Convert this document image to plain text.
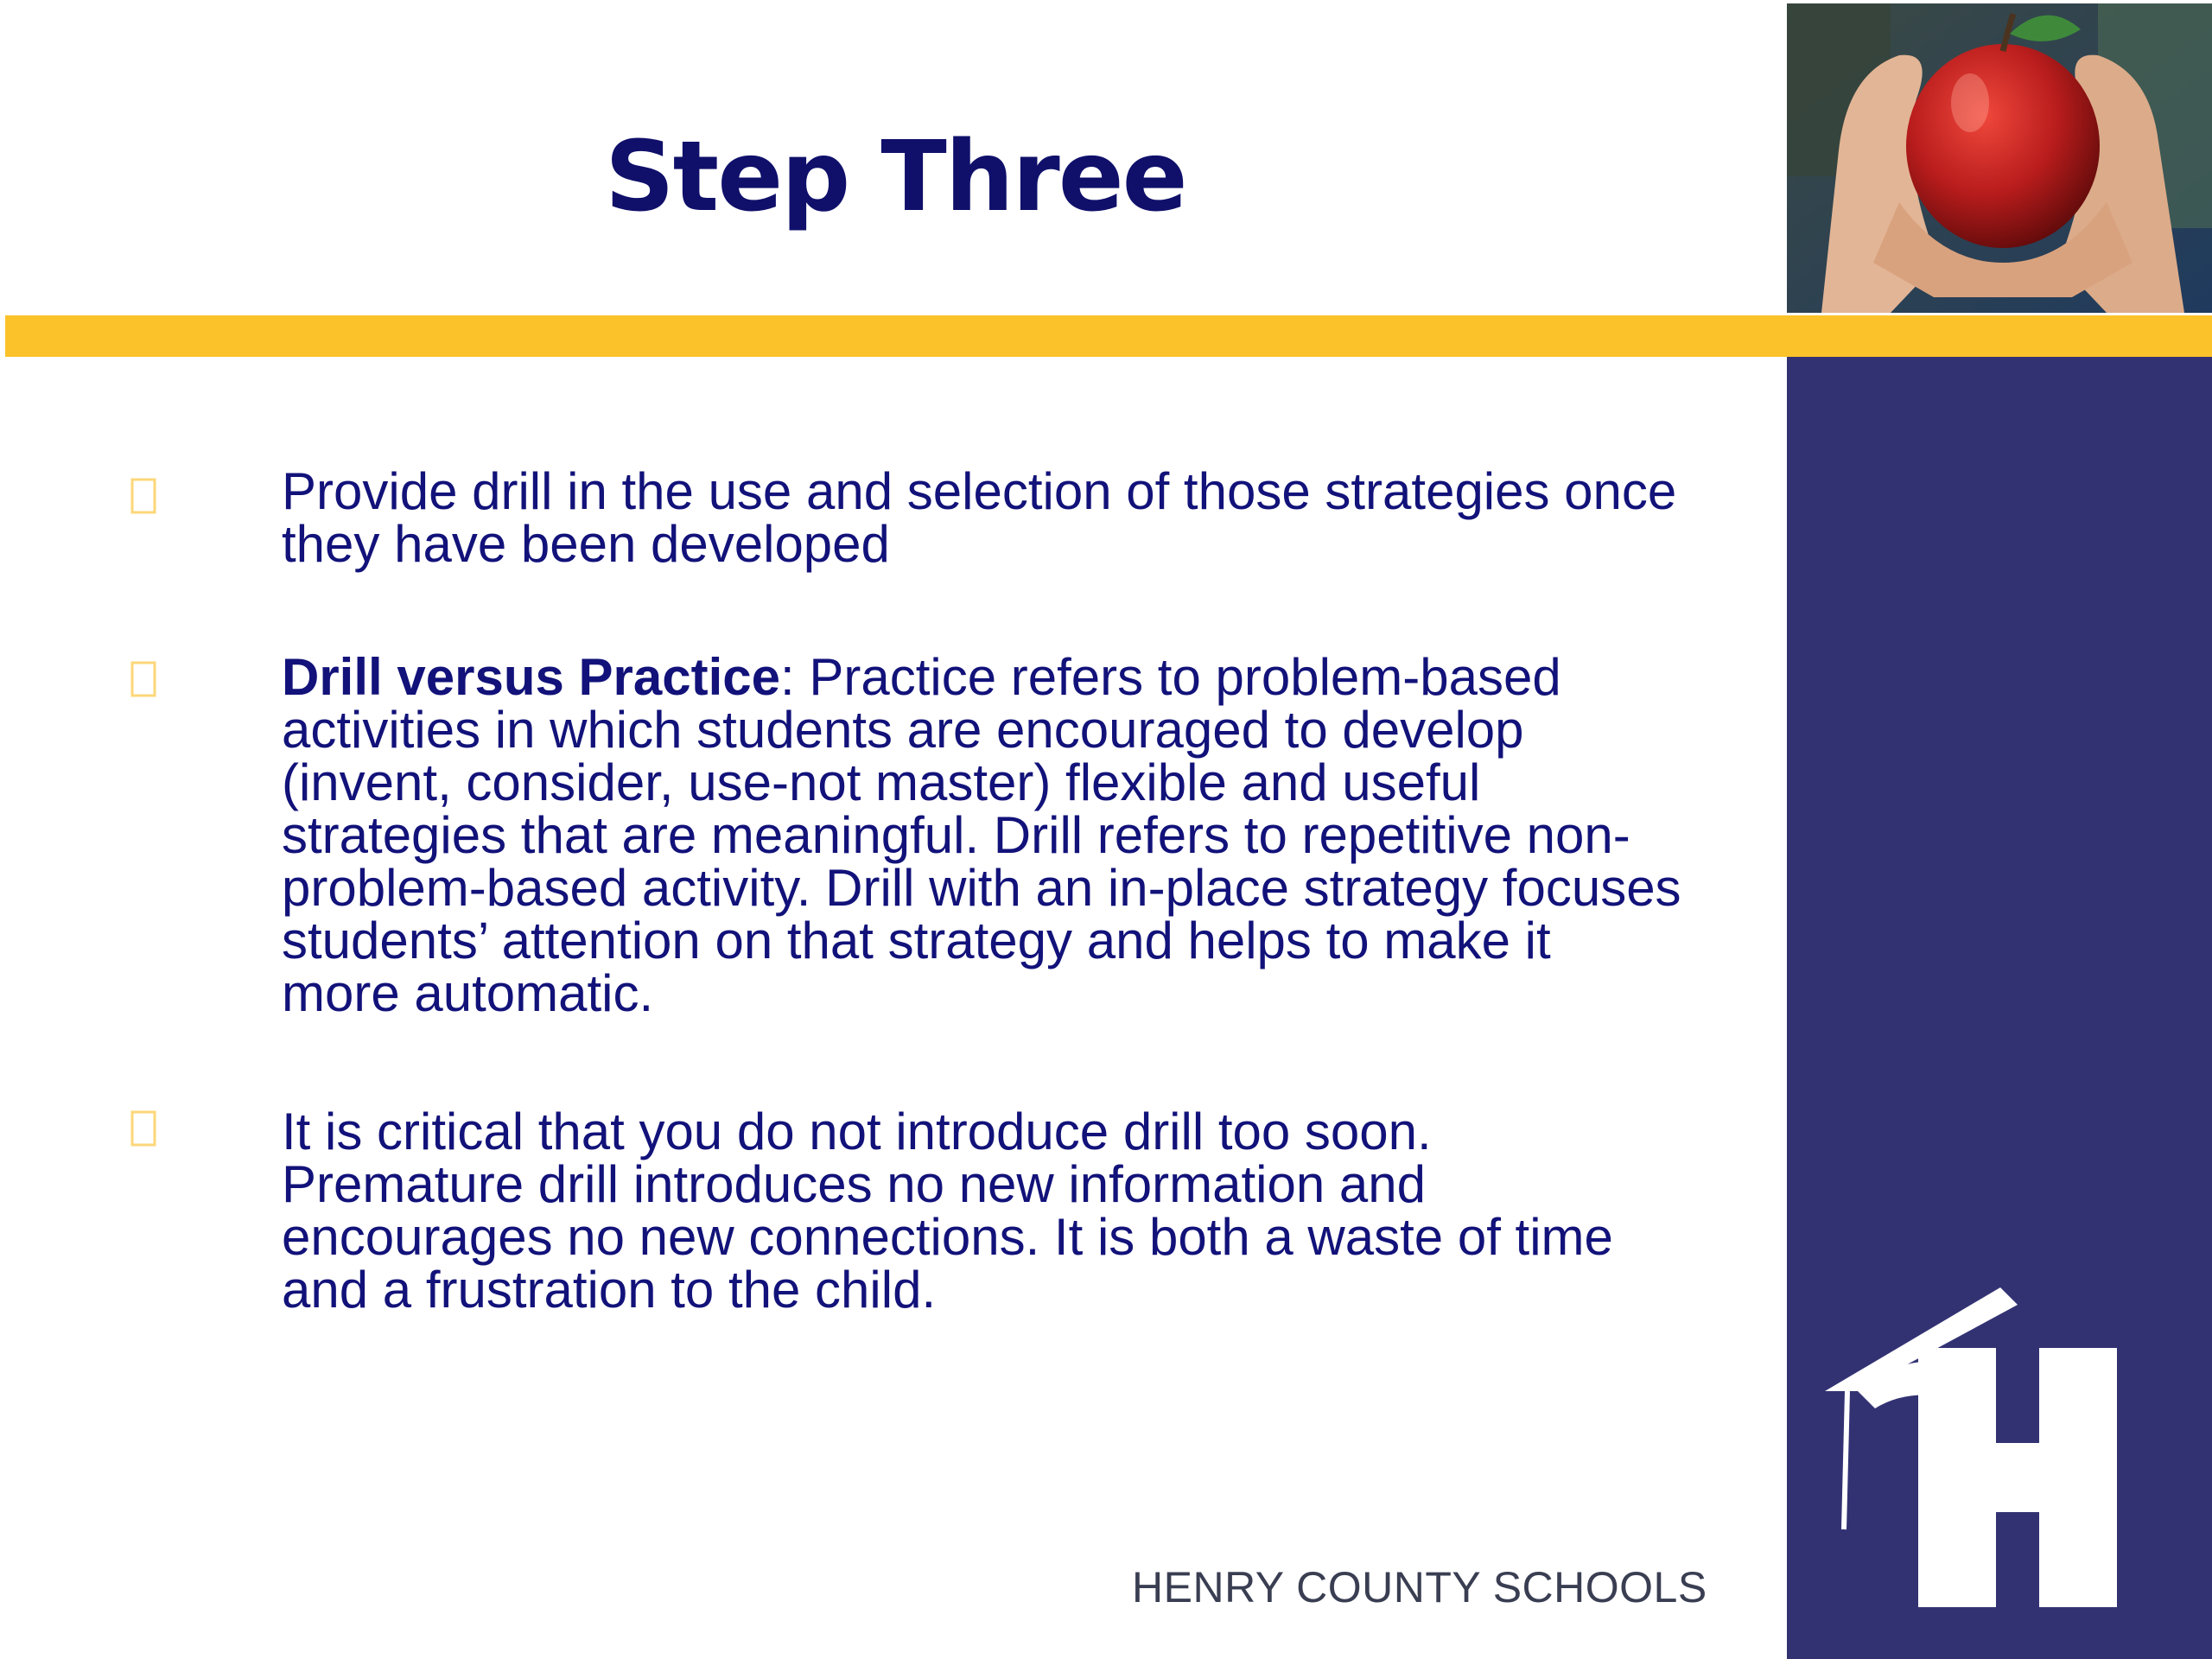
Step Three

Provide drill in the use and selection of those strategies once they have been developed

Drill versus Practice: Practice refers to problem-based activities in which students are encouraged to develop (invent, consider, use-not master) flexible and useful strategies that are meaningful. Drill refers to repetitive non-problem-based activity. Drill with an in-place strategy focuses students’ attention on that strategy and helps to make it more automatic.

It is critical that you do not introduce drill too soon. Premature drill introduces no new information and encourages no new connections. It is both a waste of time and a frustration to the child.

HENRY COUNTY SCHOOLS
